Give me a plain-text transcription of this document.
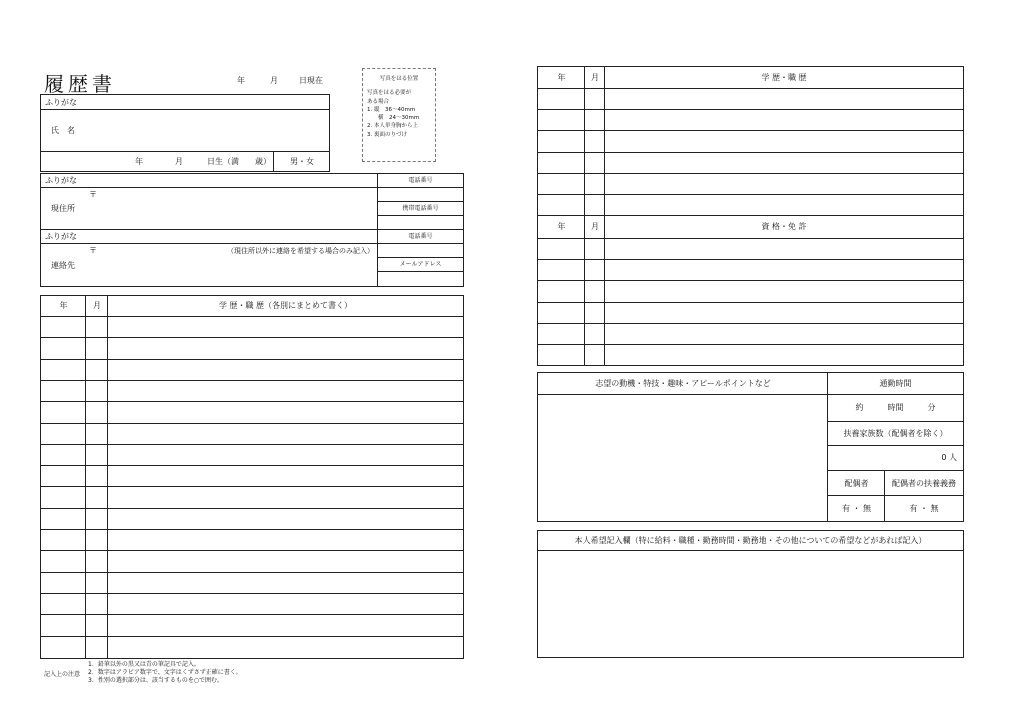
履歴書	年	月	日現在	写真をはる位置
写真をはる必要が
ある場合
1. 縦　36〜40mm
　　横　24〜30mm
2. 本人単身胸から上
3. 裏面のりづけ
ふりがな
氏　名
年	月	日生（満　　歳）	男・女
ふりがな
〒
現住所
電話番号
携帯電話番号
ふりがな
〒	（現住所以外に連絡を希望する場合のみ記入）
連絡先
電話番号
メールアドレス
年	月	学 歴・職 歴（各別にまとめて書く）
記入上の注意
1．鉛筆以外の黒又は青の筆記具で記入。
2．数字はアラビア数字で、文字はくずさず正確に書く。
3．性別の選択部分は、該当するものを○で囲む。
年	月	学 歴・職 歴
年	月	資 格・免 許
志望の動機・特技・趣味・アピールポイントなど	通勤時間
約　　　時間　　　分
扶養家族数（配偶者を除く）
0 人
配偶者	配偶者の扶養義務
有 ・ 無	有 ・ 無
本人希望記入欄（特に給料・職種・勤務時間・勤務地・その他についての希望などがあれば記入）
